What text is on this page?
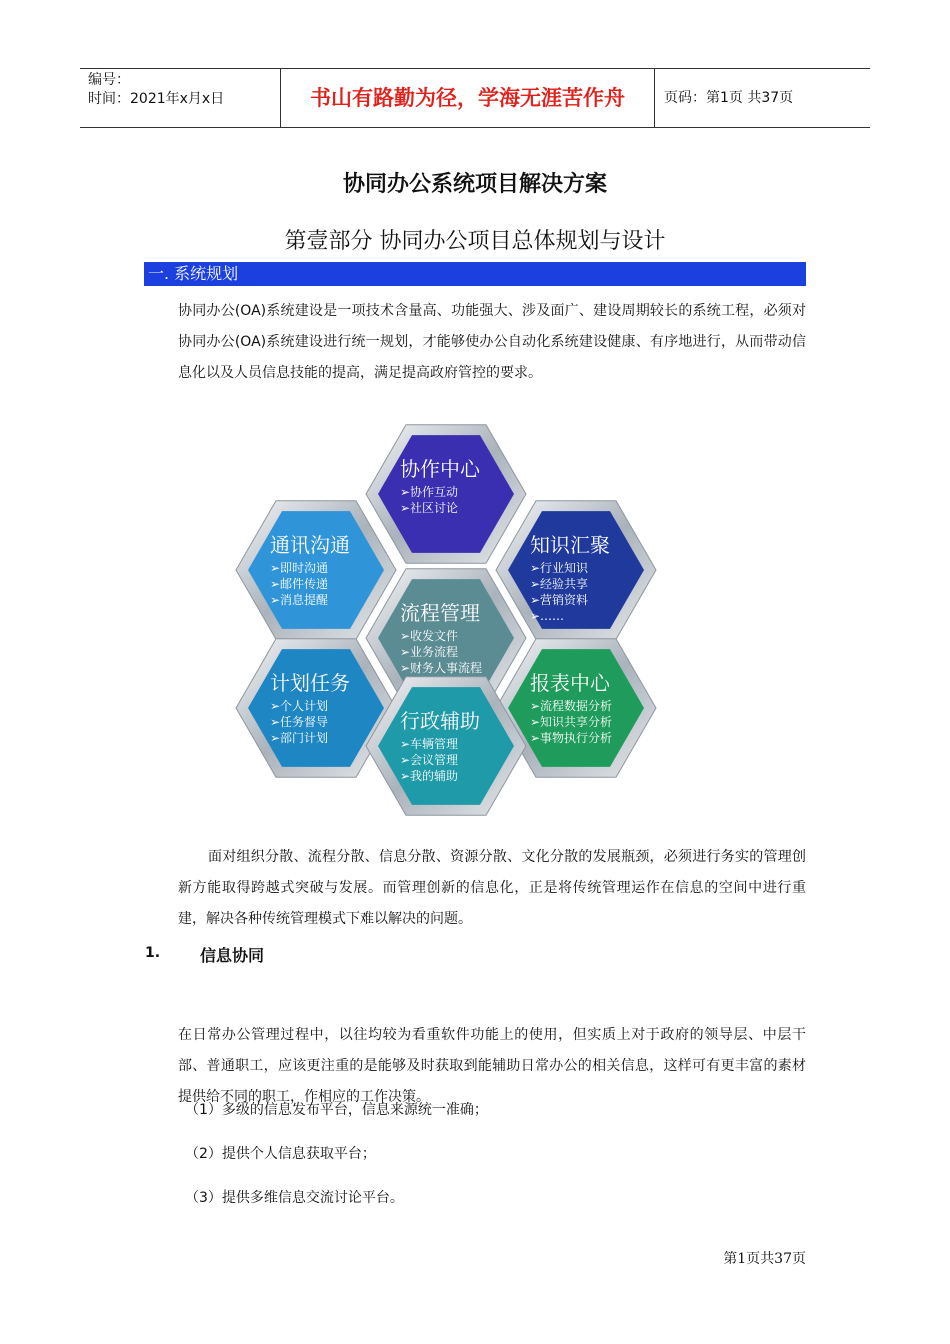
编号：
时间：2021年x月x日	书山有路勤为径，学海无涯苦作舟	页码：第1页 共37页
协同办公系统项目解决方案
第壹部分 协同办公项目总体规划与设计
一. 系统规划
协同办公(OA)系统建设是一项技术含量高、功能强大、涉及面广、建设周期较长的系统工程，必须对协同办公(OA)系统建设进行统一规划，才能够使办公自动化系统建设健康、有序地进行，从而带动信息化以及人员信息技能的提高，满足提高政府管控的要求。
协作中心
➢协作互动
➢社区讨论
通讯沟通
➢即时沟通
➢邮件传递
➢消息提醒
知识汇聚
➢行业知识
➢经验共享
➢营销资料
➢……
流程管理
➢收发文件
➢业务流程
➢财务人事流程
计划任务
➢个人计划
➢任务督导
➢部门计划
报表中心
➢流程数据分析
➢知识共享分析
➢事物执行分析
行政辅助
➢车辆管理
➢会议管理
➢我的辅助
面对组织分散、流程分散、信息分散、资源分散、文化分散的发展瓶颈，必须进行务实的管理创新方能取得跨越式突破与发展。而管理创新的信息化，正是将传统管理运作在信息的空间中进行重建，解决各种传统管理模式下难以解决的问题。
1. 信息协同
在日常办公管理过程中，以往均较为看重软件功能上的使用，但实质上对于政府的领导层、中层干部、普通职工，应该更注重的是能够及时获取到能辅助日常办公的相关信息，这样可有更丰富的素材提供给不同的职工，作相应的工作决策。
（1）多级的信息发布平台，信息来源统一准确；
（2）提供个人信息获取平台；
（3）提供多维信息交流讨论平台。
第1页共37页
